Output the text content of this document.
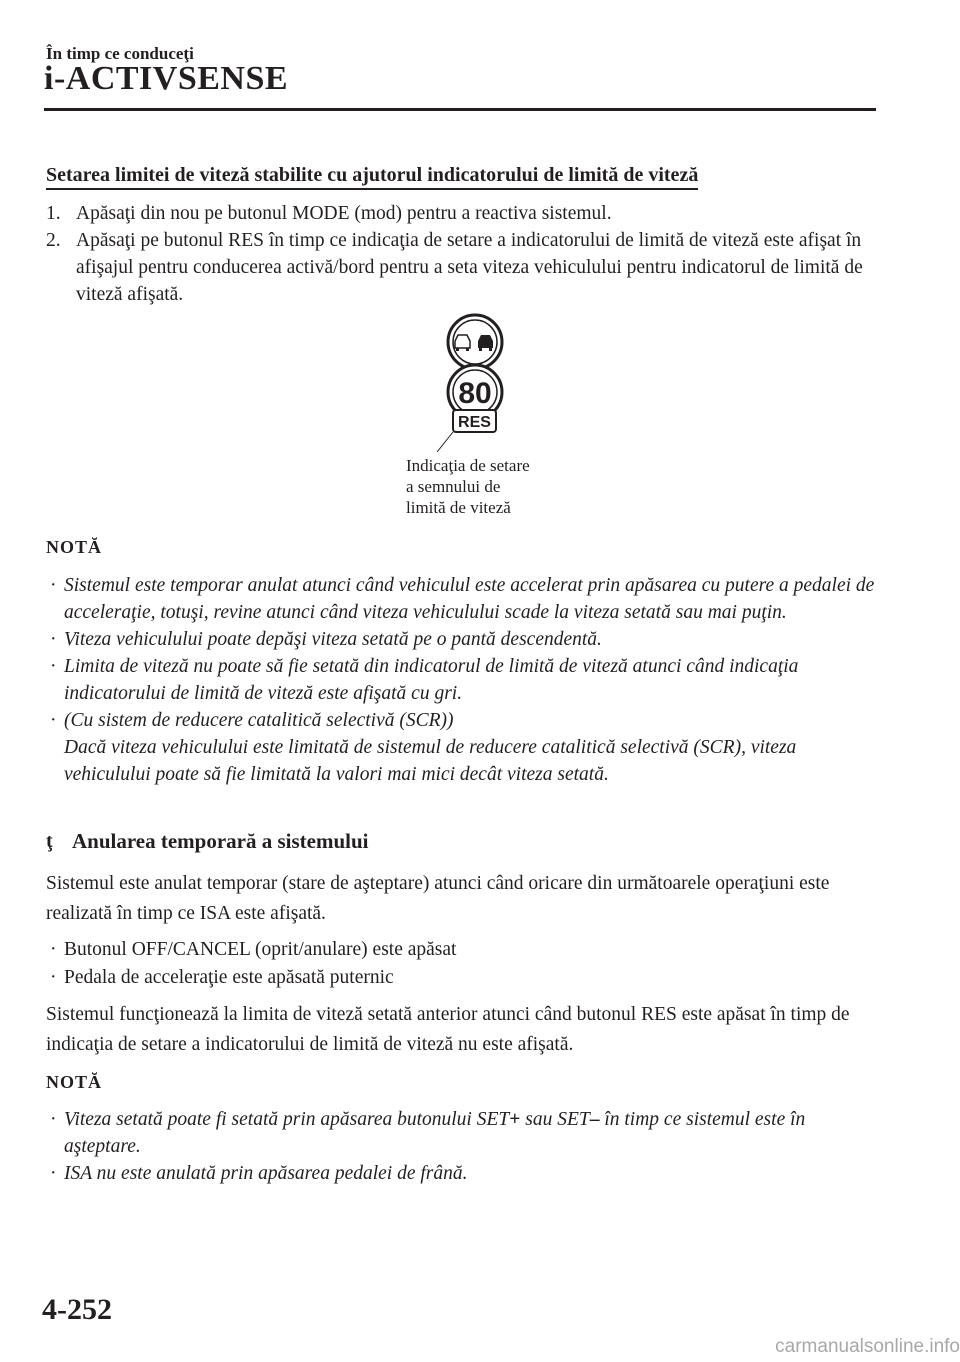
În timp ce conduceţi
i-ACTIVSENSE
Setarea limitei de viteză stabilite cu ajutorul indicatorului de limită de viteză
1. Apăsaţi din nou pe butonul MODE (mod) pentru a reactiva sistemul.
2. Apăsaţi pe butonul RES în timp ce indicaţia de setare a indicatorului de limită de viteză este afişat în afişajul pentru conducerea activă/bord pentru a seta viteza vehiculului pentru indicatorul de limită de viteză afişată.
80
RES
Indicaţia de setare
a semnului de
limită de viteză
NOTĂ
· Sistemul este temporar anulat atunci când vehiculul este accelerat prin apăsarea cu putere a pedalei de acceleraţie, totuşi, revine atunci când viteza vehiculului scade la viteza setată sau mai puţin.
· Viteza vehiculului poate depăşi viteza setată pe o pantă descendentă.
· Limita de viteză nu poate să fie setată din indicatorul de limită de viteză atunci când indicaţia indicatorului de limită de viteză este afişată cu gri.
· (Cu sistem de reducere catalitică selectivă (SCR))
Dacă viteza vehiculului este limitată de sistemul de reducere catalitică selectivă (SCR), viteza vehiculului poate să fie limitată la valori mai mici decât viteza setată.
ţ Anularea temporară a sistemului
Sistemul este anulat temporar (stare de aşteptare) atunci când oricare din următoarele operaţiuni este realizată în timp ce ISA este afişată.
· Butonul OFF/CANCEL (oprit/anulare) este apăsat
· Pedala de acceleraţie este apăsată puternic
Sistemul funcţionează la limita de viteză setată anterior atunci când butonul RES este apăsat în timp de indicaţia de setare a indicatorului de limită de viteză nu este afişată.
NOTĂ
· Viteza setată poate fi setată prin apăsarea butonului SET+ sau SET– în timp ce sistemul este în aşteptare.
· ISA nu este anulată prin apăsarea pedalei de frână.
4-252
carmanualsonline.info
